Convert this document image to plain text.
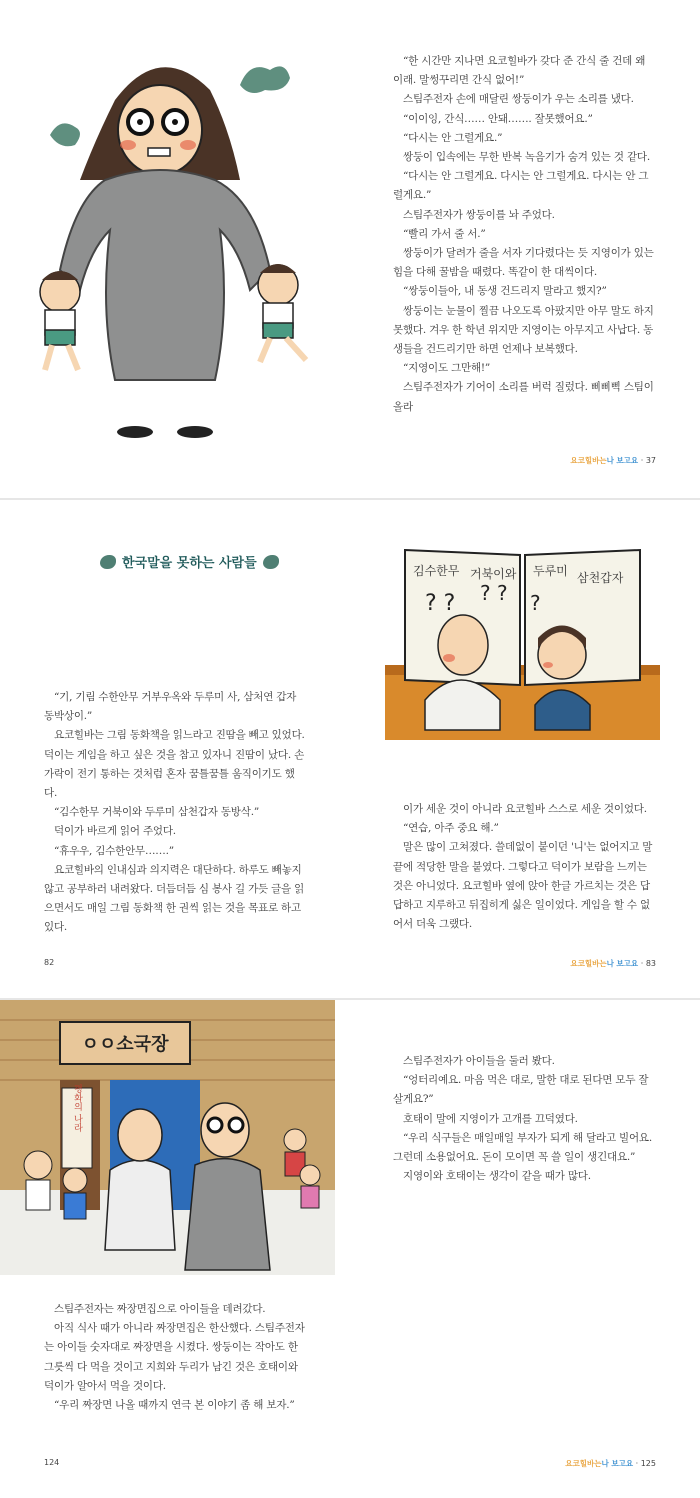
“한 시간만 지나면 요코힐바가 갖다 준 간식 줄 건데 왜 이래. 말썽꾸리면 간식 없어!”

스팀주전자 손에 매달린 쌍둥이가 우는 소리를 냈다.

“이이잉, 간식…… 안돼……. 잘못했어요.”

“다시는 안 그럴게요.”

쌍둥이 입속에는 무한 반복 녹음기가 숨겨 있는 것 같다.

“다시는 안 그럴게요. 다시는 안 그럴게요. 다시는 안 그럴게요.”

스팀주전자가 쌍둥이를 놔 주었다.

“빨리 가서 줄 서.”

쌍둥이가 달려가 줄을 서자 기다렸다는 듯 지영이가 있는 힘을 다해 꿀밤을 때렸다. 똑같이 한 대씩이다.

“쌍둥이들아, 내 동생 건드리지 말라고 했지?”

쌍둥이는 눈물이 찔끔 나오도록 아팠지만 아무 말도 하지 못했다. 겨우 한 학년 위지만 지영이는 아무지고 사납다. 동생들을 건드리기만 하면 언제나 보복했다.

“지영이도 그만해!”

스팀주전자가 기어이 소리를 버럭 질렀다. 삐삐삑 스팀이 올라

요코힐바는나 보고요 · 37
한국말을 못하는 사람들

“기, 기림 수한안무 거부우옥와 두루미 사, 삼처연 갑자 동박상이.”

요코힐바는 그림 동화책을 읽느라고 진땀을 빼고 있었다. 덕이는 게임을 하고 싶은 것을 참고 있자니 진땀이 났다. 손가락이 전기 통하는 것처럼 혼자 꿈틀꿈틀 움직이기도 했다.

“김수한무 거북이와 두루미 삼천갑자 동방삭.”

덕이가 바르게 읽어 주었다.

“휴우우, 김수한안무…….”

요코힐바의 인내심과 의지력은 대단하다. 하루도 빼놓지 않고 공부하러 내려왔다. 더듬더듬 심 봉사 길 가듯 글을 읽으면서도 매일 그림 동화책 한 권씩 읽는 것을 목표로 하고 있다.

김수한무 거북이와 두루미 삼천갑자
? ? ? ? ?

이가 세운 것이 아니라 요코힐바 스스로 세운 것이었다.

“연습, 아주 중요 해.”

말은 많이 고쳐졌다. 쓸데없이 붙이던 '니'는 없어지고 말끝에 적당한 말을 붙였다. 그렇다고 덕이가 보람을 느끼는 것은 아니었다. 요코힐바 옆에 앉아 한글 가르치는 것은 답답하고 지루하고 뒤집히게 싫은 일이었다. 게임을 할 수 없어서 더욱 그랬다.

82	요코힐바는나 보고요 · 83
ㅇㅇ소국장
평화의 나라

스팀주전자는 짜장면집으로 아이들을 데려갔다.

아직 식사 때가 아니라 짜장면집은 한산했다. 스팀주전자는 아이들 숫자대로 짜장면을 시켰다. 쌍둥이는 작아도 한 그릇씩 다 먹을 것이고 지희와 두리가 남긴 것은 호태이와 덕이가 알아서 먹을 것이다.

“우리 짜장면 나올 때까지 연극 본 이야기 좀 해 보자.”

스팀주전자가 아이들을 둘러 봤다.

“엉터리예요. 마음 먹은 대로, 말한 대로 된다면 모두 잘 살게요?”

호태이 말에 지영이가 고개를 끄덕였다.

“우리 식구들은 매일매일 부자가 되게 해 달라고 빌어요. 그런데 소용없어요. 돈이 모이면 꼭 쓸 일이 생긴대요.”

지영이와 호태이는 생각이 같을 때가 많다.

124	요코힐바는나 보고요 · 125
